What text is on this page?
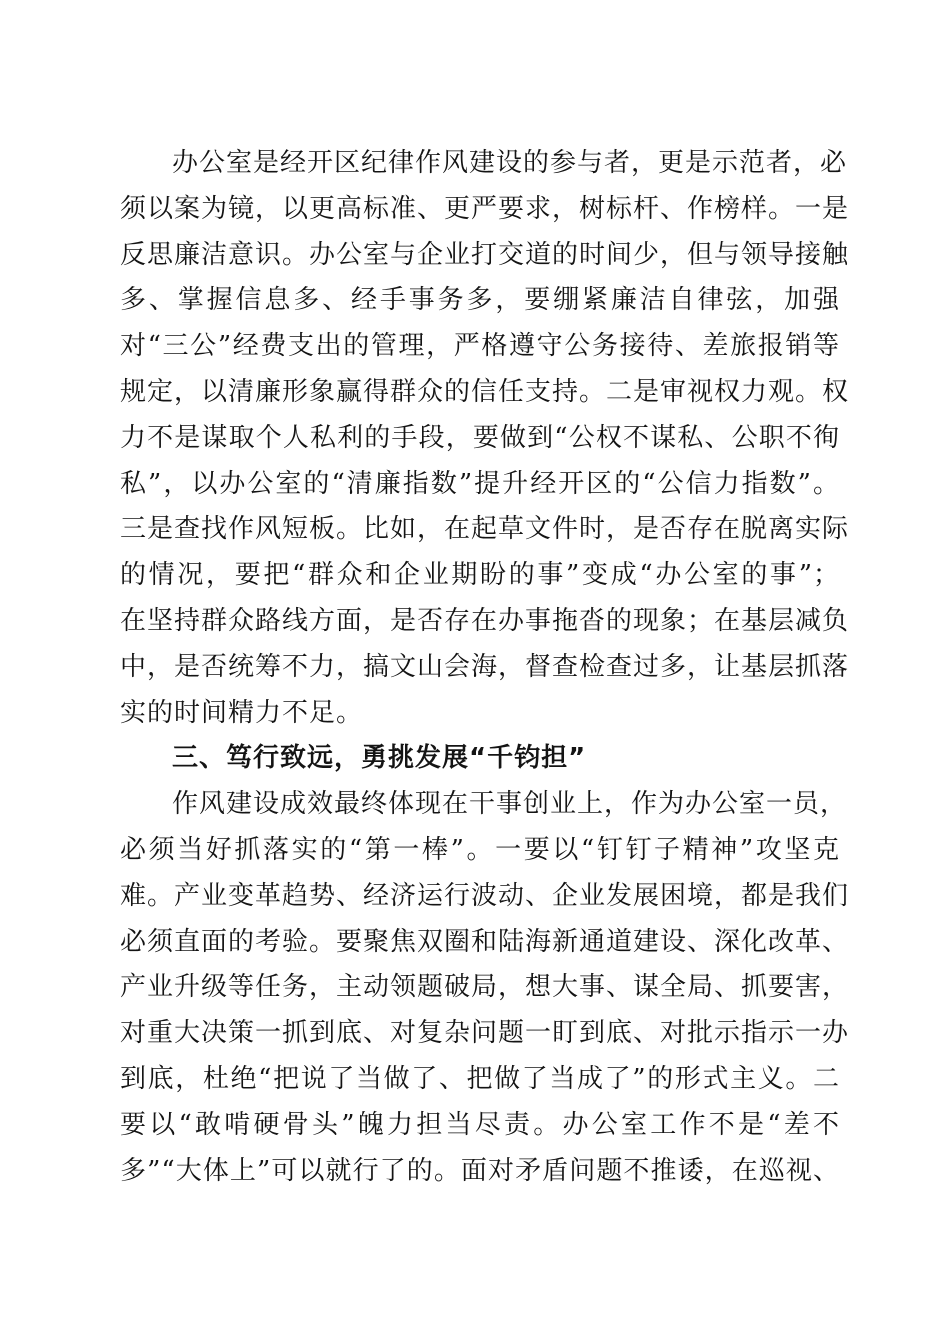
办公室是经开区纪律作风建设的参与者，更是示范者，必
须以案为镜，以更高标准、更严要求，树标杆、作榜样。一是
反思廉洁意识。办公室与企业打交道的时间少，但与领导接触
多、掌握信息多、经手事务多，要绷紧廉洁自律弦，加强
对“三公”经费支出的管理，严格遵守公务接待、差旅报销等
规定，以清廉形象赢得群众的信任支持。二是审视权力观。权
力不是谋取个人私利的手段，要做到“公权不谋私、公职不徇
私”，以办公室的“清廉指数”提升经开区的“公信力指数”。
三是查找作风短板。比如，在起草文件时，是否存在脱离实际
的情况，要把“群众和企业期盼的事”变成“办公室的事”；
在坚持群众路线方面，是否存在办事拖沓的现象；在基层减负
中，是否统筹不力，搞文山会海，督查检查过多，让基层抓落
实的时间精力不足。
三、笃行致远，勇挑发展“千钧担”
作风建设成效最终体现在干事创业上，作为办公室一员，
必须当好抓落实的“第一棒”。一要以“钉钉子精神”攻坚克
难。产业变革趋势、经济运行波动、企业发展困境，都是我们
必须直面的考验。要聚焦双圈和陆海新通道建设、深化改革、
产业升级等任务，主动领题破局，想大事、谋全局、抓要害，
对重大决策一抓到底、对复杂问题一盯到底、对批示指示一办
到底，杜绝“把说了当做了、把做了当成了”的形式主义。二
要以“敢啃硬骨头”魄力担当尽责。办公室工作不是“差不
多”“大体上”可以就行了的。面对矛盾问题不推诿，在巡视、
